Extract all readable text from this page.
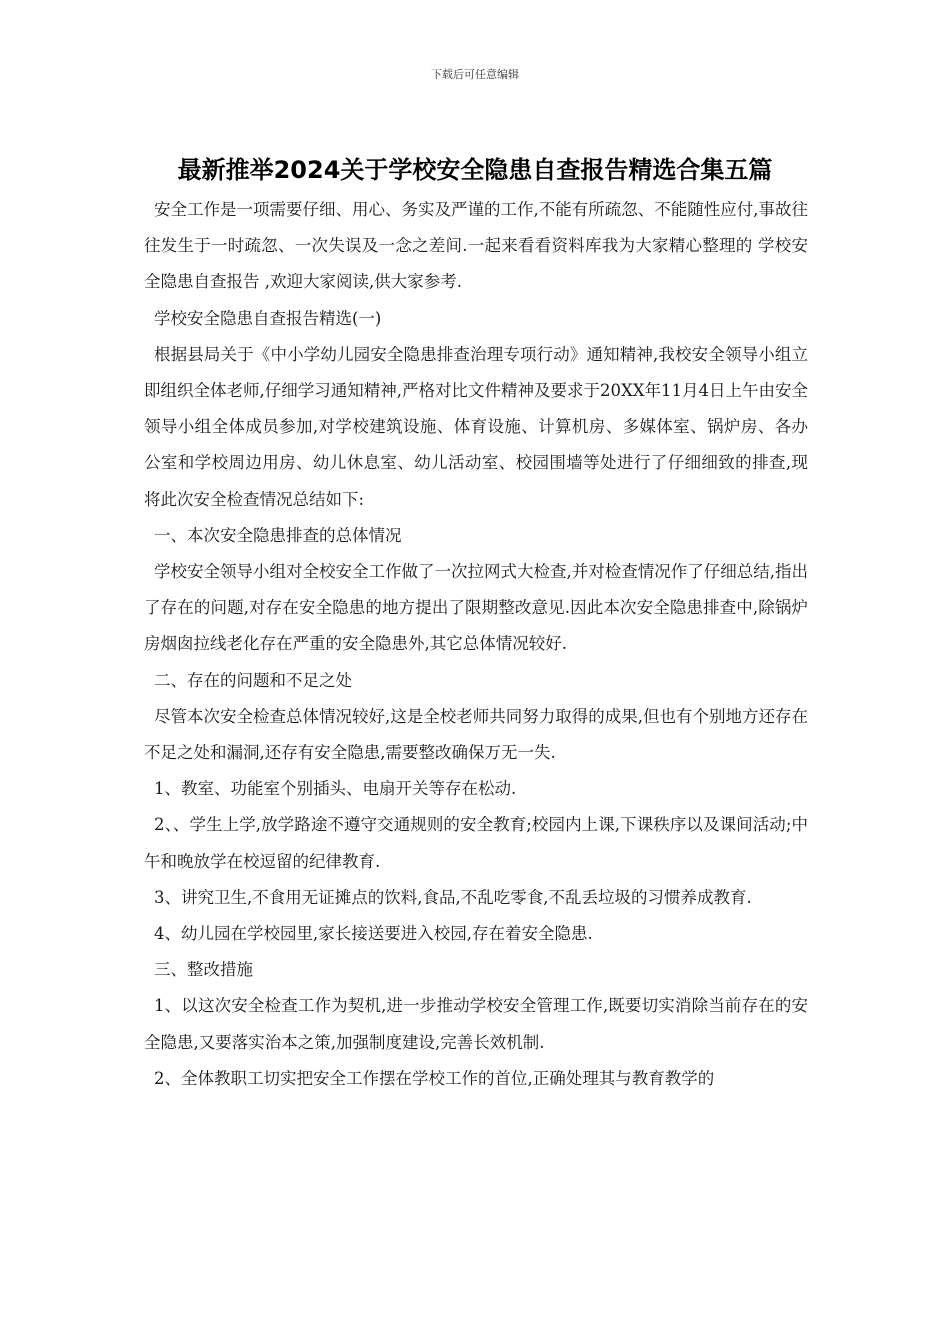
下载后可任意编辑
最新推举2024关于学校安全隐患自查报告精选合集五篇

安全工作是一项需要仔细、用心、务实及严谨的工作,不能有所疏忽、不能随性应付,事故往往发生于一时疏忽、一次失误及一念之差间.一起来看看资料库我为大家精心整理的 学校安全隐患自查报告 ,欢迎大家阅读,供大家参考.

学校安全隐患自查报告精选(一)

根据县局关于《中小学幼儿园安全隐患排查治理专项行动》通知精神,我校安全领导小组立即组织全体老师,仔细学习通知精神,严格对比文件精神及要求于20XX年11月4日上午由安全领导小组全体成员参加,对学校建筑设施、体育设施、计算机房、多媒体室、锅炉房、各办公室和学校周边用房、幼儿休息室、幼儿活动室、校园围墙等处进行了仔细细致的排查,现将此次安全检查情况总结如下:

一、本次安全隐患排查的总体情况

学校安全领导小组对全校安全工作做了一次拉网式大检查,并对检查情况作了仔细总结,指出了存在的问题,对存在安全隐患的地方提出了限期整改意见.因此本次安全隐患排查中,除锅炉房烟囱拉线老化存在严重的安全隐患外,其它总体情况较好.

二、存在的问题和不足之处

尽管本次安全检查总体情况较好,这是全校老师共同努力取得的成果,但也有个别地方还存在不足之处和漏洞,还存有安全隐患,需要整改确保万无一失.

1、教室、功能室个别插头、电扇开关等存在松动.

2、、学生上学,放学路途不遵守交通规则的安全教育;校园内上课,下课秩序以及课间活动;中午和晚放学在校逗留的纪律教育.

3、讲究卫生,不食用无证摊点的饮料,食品,不乱吃零食,不乱丢垃圾的习惯养成教育.

4、幼儿园在学校园里,家长接送要进入校园,存在着安全隐患.

三、整改措施

1、以这次安全检查工作为契机,进一步推动学校安全管理工作,既要切实消除当前存在的安全隐患,又要落实治本之策,加强制度建设,完善长效机制.

2、全体教职工切实把安全工作摆在学校工作的首位,正确处理其与教育教学的
